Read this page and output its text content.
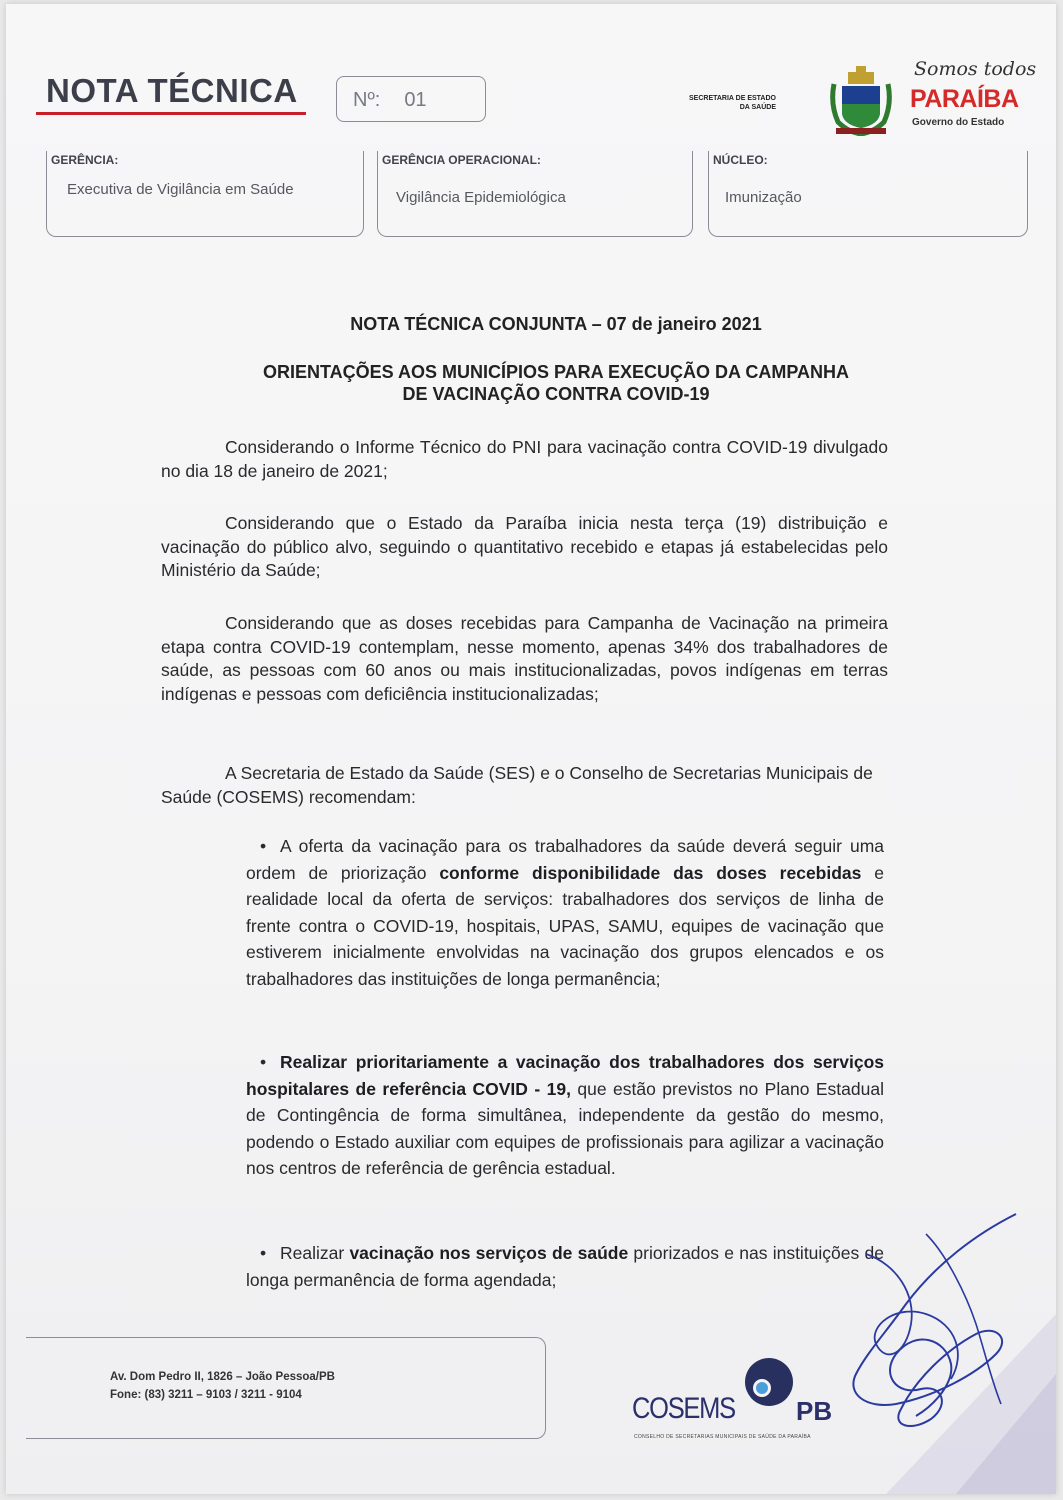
NOTA TÉCNICA	Nº: 01	SECRETARIA DE ESTADO
DA SAÚDE
Somos todos
PARAÍBA
Governo do Estado
GERÊNCIA:
Executiva de Vigilância em Saúde
GERÊNCIA OPERACIONAL:
Vigilância Epidemiológica
NÚCLEO:
Imunização
NOTA TÉCNICA CONJUNTA – 07 de janeiro 2021
ORIENTAÇÕES AOS MUNICÍPIOS PARA EXECUÇÃO DA CAMPANHA
DE VACINAÇÃO CONTRA COVID-19
Considerando o Informe Técnico do PNI para vacinação contra COVID-19 divulgado no dia 18 de janeiro de 2021;
Considerando que o Estado da Paraíba inicia nesta terça (19) distribuição e vacinação do público alvo, seguindo o quantitativo recebido e etapas já estabelecidas pelo Ministério da Saúde;
Considerando que as doses recebidas para Campanha de Vacinação na primeira etapa contra COVID-19 contemplam, nesse momento, apenas 34% dos trabalhadores de saúde, as pessoas com 60 anos ou mais institucionalizadas, povos indígenas em terras indígenas e pessoas com deficiência institucionalizadas;
A Secretaria de Estado da Saúde (SES) e o Conselho de Secretarias Municipais de Saúde (COSEMS) recomendam:
• A oferta da vacinação para os trabalhadores da saúde deverá seguir uma ordem de priorização conforme disponibilidade das doses recebidas e realidade local da oferta de serviços: trabalhadores dos serviços de linha de frente contra o COVID-19, hospitais, UPAS, SAMU, equipes de vacinação que estiverem inicialmente envolvidas na vacinação dos grupos elencados e os trabalhadores das instituições de longa permanência;
• Realizar prioritariamente a vacinação dos trabalhadores dos serviços hospitalares de referência COVID - 19, que estão previstos no Plano Estadual de Contingência de forma simultânea, independente da gestão do mesmo, podendo o Estado auxiliar com equipes de profissionais para agilizar a vacinação nos centros de referência de gerência estadual.
• Realizar vacinação nos serviços de saúde priorizados e nas instituições de longa permanência de forma agendada;
Av. Dom Pedro II, 1826 – João Pessoa/PB
Fone: (83) 3211 – 9103 / 3211 - 9104	COSEMS PB
CONSELHO DE SECRETARIAS MUNICIPAIS DE SAÚDE DA PARAÍBA
